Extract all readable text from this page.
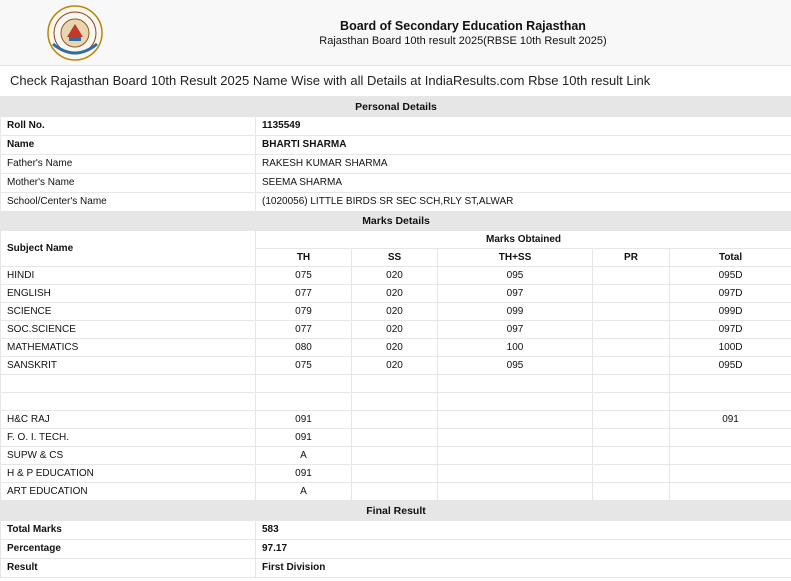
Board of Secondary Education Rajasthan
Rajasthan Board 10th result 2025(RBSE 10th Result 2025)
Check Rajasthan Board 10th Result 2025 Name Wise with all Details at IndiaResults.com Rbse 10th result Link
Personal Details	
Roll No.	1135549
Name	BHARTI SHARMA
Father's Name	RAKESH KUMAR SHARMA
Mother's Name	SEEMA SHARMA
School/Center's Name	(1020056) LITTLE BIRDS SR SEC SCH,RLY ST,ALWAR
Marks Details					
Subject Name	Marks Obtained				
	TH	SS	TH+SS	PR	Total
HINDI	075	020	095		095D
ENGLISH	077	020	097		097D
SCIENCE	079	020	099		099D
SOC.SCIENCE	077	020	097		097D
MATHEMATICS	080	020	100		100D
SANSKRIT	075	020	095		095D

H&C RAJ	091				091
F. O. I. TECH.	091				
SUPW & CS	A				
H & P EDUCATION	091				
ART EDUCATION	A				
Final Result	
Total Marks	583
Percentage	97.17
Result	First Division
